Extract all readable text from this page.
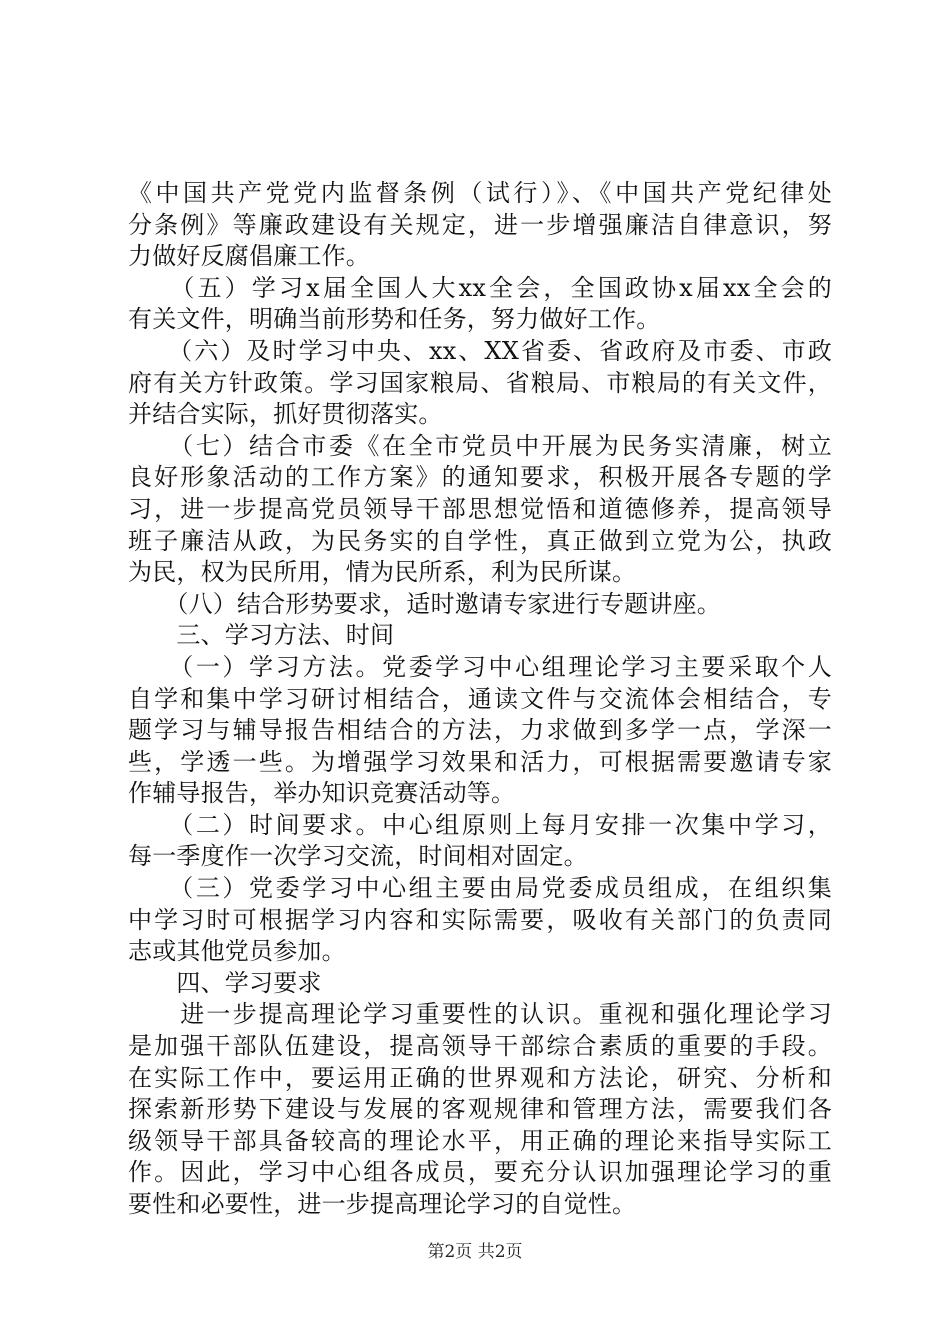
《中国共产党党内监督条例（试行）》、《中国共产党纪律处
分条例》等廉政建设有关规定，进一步增强廉洁自律意识，努
力做好反腐倡廉工作。
　　（五）学习x届全国人大xx全会，全国政协x届xx全会的
有关文件，明确当前形势和任务，努力做好工作。
　　（六）及时学习中央、xx、XX省委、省政府及市委、市政
府有关方针政策。学习国家粮局、省粮局、市粮局的有关文件，
并结合实际，抓好贯彻落实。
　　（七）结合市委《在全市党员中开展为民务实清廉，树立
良好形象活动的工作方案》的通知要求，积极开展各专题的学
习，进一步提高党员领导干部思想觉悟和道德修养，提高领导
班子廉洁从政，为民务实的自学性，真正做到立党为公，执政
为民，权为民所用，情为民所系，利为民所谋。
　　（八）结合形势要求，适时邀请专家进行专题讲座。
　　三、学习方法、时间
　　（一）学习方法。党委学习中心组理论学习主要采取个人
自学和集中学习研讨相结合，通读文件与交流体会相结合，专
题学习与辅导报告相结合的方法，力求做到多学一点，学深一
些，学透一些。为增强学习效果和活力，可根据需要邀请专家
作辅导报告，举办知识竞赛活动等。
　　（二）时间要求。中心组原则上每月安排一次集中学习，
每一季度作一次学习交流，时间相对固定。
　　（三）党委学习中心组主要由局党委成员组成，在组织集
中学习时可根据学习内容和实际需要，吸收有关部门的负责同
志或其他党员参加。
　　四、学习要求
　　进一步提高理论学习重要性的认识。重视和强化理论学习
是加强干部队伍建设，提高领导干部综合素质的重要的手段。
在实际工作中，要运用正确的世界观和方法论，研究、分析和
探索新形势下建设与发展的客观规律和管理方法，需要我们各
级领导干部具备较高的理论水平，用正确的理论来指导实际工
作。因此，学习中心组各成员，要充分认识加强理论学习的重
要性和必要性，进一步提高理论学习的自觉性。
第2页 共2页
